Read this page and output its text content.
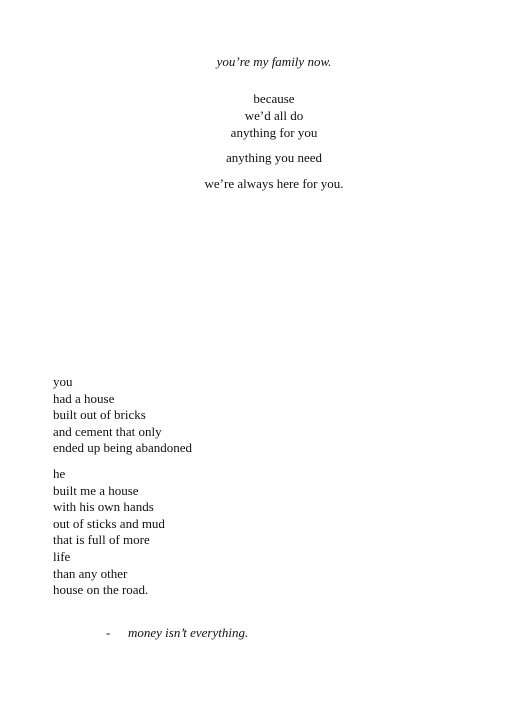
you’re my family now.
because
we’d all do
anything for you
anything you need
we’re always here for you.
you
had a house
built out of bricks
and cement that only
ended up being abandoned
he
built me a house
with his own hands
out of sticks and mud
that is full of more
life
than any other
house on the road.

- money isn’t everything.
